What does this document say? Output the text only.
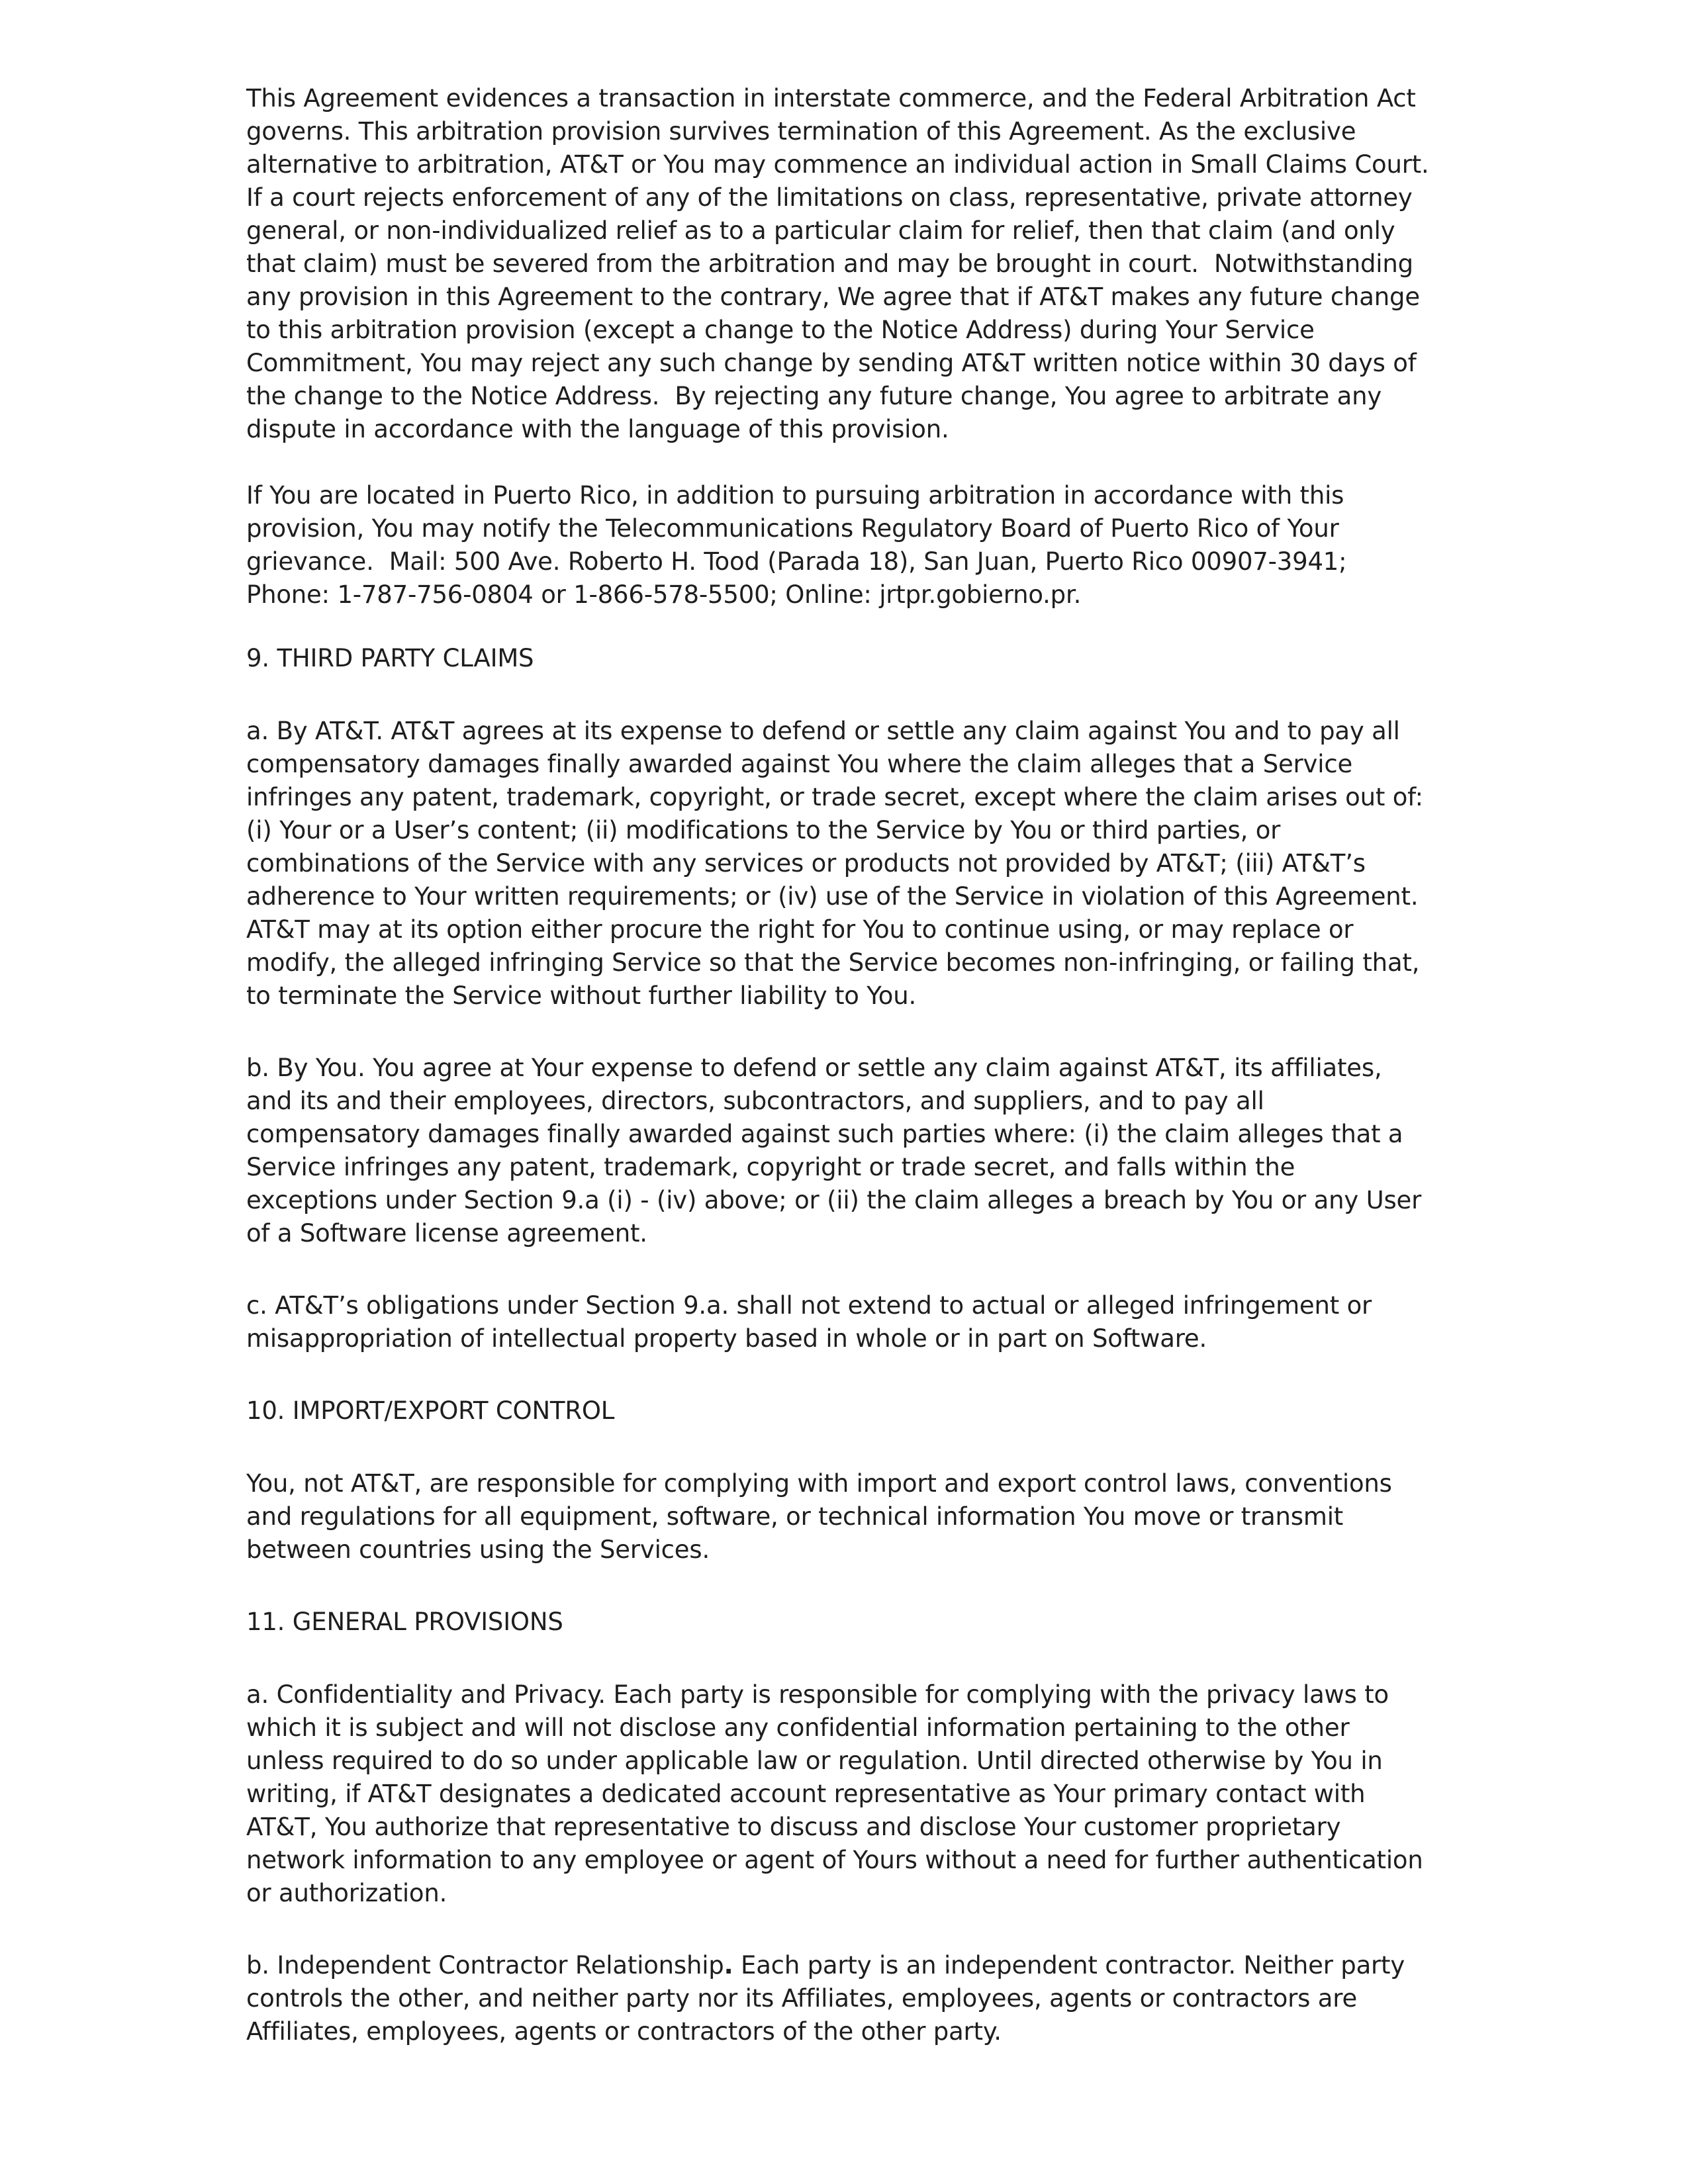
This Agreement evidences a transaction in interstate commerce, and the Federal Arbitration Act governs. This arbitration provision survives termination of this Agreement. As the exclusive alternative to arbitration, AT&T or You may commence an individual action in Small Claims Court. If a court rejects enforcement of any of the limitations on class, representative, private attorney general, or non-individualized relief as to a particular claim for relief, then that claim (and only that claim) must be severed from the arbitration and may be brought in court.  Notwithstanding any provision in this Agreement to the contrary, We agree that if AT&T makes any future change to this arbitration provision (except a change to the Notice Address) during Your Service Commitment, You may reject any such change by sending AT&T written notice within 30 days of the change to the Notice Address.  By rejecting any future change, You agree to arbitrate any dispute in accordance with the language of this provision.

If You are located in Puerto Rico, in addition to pursuing arbitration in accordance with this provision, You may notify the Telecommunications Regulatory Board of Puerto Rico of Your grievance.  Mail: 500 Ave. Roberto H. Tood (Parada 18), San Juan, Puerto Rico 00907-3941; Phone: 1-787-756-0804 or 1-866-578-5500; Online: jrtpr.gobierno.pr.

9. THIRD PARTY CLAIMS

a. By AT&T. AT&T agrees at its expense to defend or settle any claim against You and to pay all compensatory damages finally awarded against You where the claim alleges that a Service infringes any patent, trademark, copyright, or trade secret, except where the claim arises out of: (i) Your or a User’s content; (ii) modifications to the Service by You or third parties, or combinations of the Service with any services or products not provided by AT&T; (iii) AT&T’s adherence to Your written requirements; or (iv) use of the Service in violation of this Agreement. AT&T may at its option either procure the right for You to continue using, or may replace or modify, the alleged infringing Service so that the Service becomes non-infringing, or failing that, to terminate the Service without further liability to You.

b. By You. You agree at Your expense to defend or settle any claim against AT&T, its affiliates, and its and their employees, directors, subcontractors, and suppliers, and to pay all compensatory damages finally awarded against such parties where: (i) the claim alleges that a Service infringes any patent, trademark, copyright or trade secret, and falls within the exceptions under Section 9.a (i) - (iv) above; or (ii) the claim alleges a breach by You or any User of a Software license agreement.

c. AT&T’s obligations under Section 9.a. shall not extend to actual or alleged infringement or misappropriation of intellectual property based in whole or in part on Software.

10. IMPORT/EXPORT CONTROL

You, not AT&T, are responsible for complying with import and export control laws, conventions and regulations for all equipment, software, or technical information You move or transmit between countries using the Services.

11. GENERAL PROVISIONS

a. Confidentiality and Privacy. Each party is responsible for complying with the privacy laws to which it is subject and will not disclose any confidential information pertaining to the other unless required to do so under applicable law or regulation. Until directed otherwise by You in writing, if AT&T designates a dedicated account representative as Your primary contact with AT&T, You authorize that representative to discuss and disclose Your customer proprietary network information to any employee or agent of Yours without a need for further authentication or authorization.

b. Independent Contractor Relationship. Each party is an independent contractor. Neither party controls the other, and neither party nor its Affiliates, employees, agents or contractors are Affiliates, employees, agents or contractors of the other party.
